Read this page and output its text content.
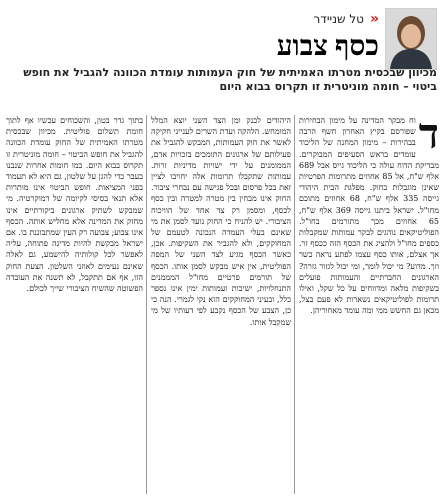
«
טל שניידר
כסף צבוע
מכיוון שבכסית מטרתו האמיתית של חוק העמותות עומדת הכוונה להגביל את חופש ביטוי – חומה מוניטרית זו תקרוס בבוא היום
ד

וח מבקר המדינה על מימון הבחירות שפורסם בקיץ האחרון חשף הרבה בבהירות – מימון המחנה של הליכוד עומדים בראש הסעיפים המבוקרים. מבדיקת הדוח עולה כי הליכוד גייס אבל 689 אלף ש"ח, אל 85 אחוזים מתרומות הפרטיות שאינן מוגבלות בחוק. מפלגת הבית היהודי גייסה 335 אלף ש"ח, 68 אחוזים מתוכם מחו"ל. ישראל ביתנו גייסה 369 אלף ש"ח, 65 אחוזים מכך מתורמים בחו"ל. הפוליטיקאים נוהגים לבקר עמותות שמקבלות כספים מחו"ל ולהציג את הכסף הזה ככסף זר. אך אצלם, אותו כסף עצמו לפתע נראה כשר וזך. מדוע? מי יכול לומר, ומי יכול לגזור גזרה? הארגונים החברתיים והעמותות פועלים בשקיפות מלאה ומדווחים על כל שקל, ואילו תרומות לפוליטיקאים נשארות לא פעם בצל, מכאן גם החשש ממי ומה עומד מאחוריהן.

היהודים לבנק ומן הצד השני יוצא המלל המומחש. הלהקה ועדת השרים לענייני חקיקה לאשר את חוק העמותות, המבקש להגביל את פעילותם של ארגונים התומכים בזכויות אדם, הממומנים על ידי ישויות מדיניות זרות. עמותות שתקבלו תרומות אלה יחויבו לציין זאת בכל פרסום ובכל פגישה עם נבחרי ציבור. החוק אינו מבחין בין מטרה למטרה ובין כסף לכסף, ומסמן רק צד אחד של הוויכוח הציבורי. יש להניח כי החוק נועד לסמן את מי שאינם בעלי העמדה הנכונה לטעמם של המחוקקים, ולא להגביר את השקיפות. אכן, כאשר הכסף מגיע לצד השני של המפה הפוליטית, אין איש מבקש לסמן אותו. הכסף של תורמים פרטיים מחו"ל המממנים התנחלויות, ישיבות ועמותות ימין אינו נספר כלל, ובעיני המחוקקים הוא נקי לגמרי. הנה כי כן, הצבע של הכסף נקבע לפי דעותיו של מי שמקבל אותו.

בתוך גדר בטון, והשכוחים עכשיו אף לתוך חומת תשלום פוליטית. מכיוון שבכסית מטרתו האמיתית של החוק עומדת הכוונה להגביל את חופש הביטוי – חומה מוניטרית זו תקרוס בבוא היום. כמו חומות אחרות שנבנו בעבר כדי להגן על שלטון, גם היא לא תעמוד בפני המציאות. חופש הביטוי אינו מותרות אלא תנאי בסיסי לקיומה של דמוקרטיה. מי שמבקש לשתיק ארגונים ביקורתיים אינו מחזק את המדינה אלא מחליש אותה. הכסף אינו צבוע; צבועה רק העין שמתבוננת בו. אם ישראל מבקשת להיות מדינה פתוחה, עליה לאפשר לכל קולותיה להישמע, גם לאלה שאינם נעימים לאוזני השלטון. הצעת החוק הזו, אף אם תתקבל, לא תשנה את העובדה הפשוטה שהשיח הציבורי שייך לכולם.
